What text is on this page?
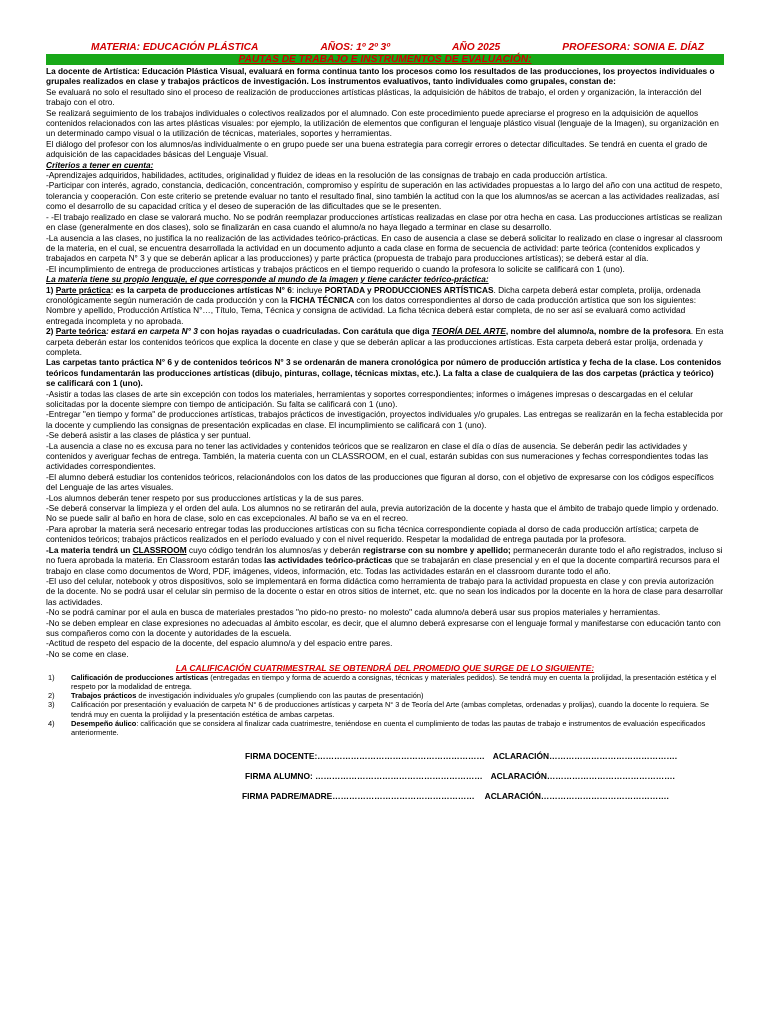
MATERIA: EDUCACIÓN PLÁSTICA	AÑOS: 1º 2º 3º	AÑO 2025	PROFESORA: SONIA E. DÍAZ
PAUTAS DE TRABAJO E INSTRUMENTOS DE EVALUACIÓN:

La docente de Artística: Educación Plástica Visual, evaluará en forma continua tanto los procesos como los resultados de las producciones, los proyectos individuales o grupales realizados en clase y trabajos prácticos de investigación. Los instrumentos evaluativos, tanto individuales como grupales, constan de:

Se evaluará no solo el resultado sino el proceso de realización de producciones artísticas plásticas, la adquisición de hábitos de trabajo, el orden y organización, la interacción del trabajo con el otro.

Se realizará seguimiento de los trabajos individuales o colectivos realizados por el alumnado. Con este procedimiento puede apreciarse el progreso en la adquisición de aquellos contenidos relacionados con las artes plásticas visuales: por ejemplo, la utilización de elementos que configuran el lenguaje plástico visual (lenguaje de la Imagen), su organización en un determinado campo visual o la utilización de técnicas, materiales, soportes y herramientas.

El diálogo del profesor con los alumnos/as individualmente o en grupo puede ser una buena estrategia para corregir errores o detectar dificultades. Se tendrá en cuenta el grado de adquisición de las capacidades básicas del Lenguaje Visual.

Criterios a tener en cuenta:

-Aprendizajes adquiridos, habilidades, actitudes, originalidad y fluidez de ideas en la resolución de las consignas de trabajo en cada producción artística.

-Participar con interés, agrado, constancia, dedicación, concentración, compromiso y espíritu de superación en las actividades propuestas a lo largo del año con una actitud de respeto, tolerancia y cooperación. Con este criterio se pretende evaluar no tanto el resultado final, sino también la actitud con la que los alumnos/as se acercan a las actividades realizadas, así como el desarrollo de su capacidad crítica y el deseo de superación de las dificultades que se le presenten.

- -El trabajo realizado en clase se valorará mucho. No se podrán reemplazar producciones artísticas realizadas en clase por otra hecha en casa. Las producciones artísticas se realizan en clase (generalmente en dos clases), solo se finalizarán en casa cuando el alumno/a no haya llegado a terminar en clase su desarrollo.

-La ausencia a las clases, no justifica la no realización de las actividades teórico-prácticas. En caso de ausencia a clase se deberá solicitar lo realizado en clase o ingresar al classroom de la materia, en el cual, se encuentra desarrollada la actividad en un documento adjunto a cada clase en forma de secuencia de actividad: parte teórica (contenidos explicados y trabajados en carpeta N° 3 y que se deberán aplicar a las producciones) y parte práctica (propuesta de trabajo para producciones artísticas); se deberá estar al día.

-El incumplimiento de entrega de producciones artísticas y trabajos prácticos en el tiempo requerido o cuando la profesora lo solicite se calificará con 1 (uno).

La materia tiene su propio lenguaje, el que corresponde al mundo de la imagen y tiene carácter teórico-práctica:

1) Parte práctica: es la carpeta de producciones artísticas N° 6: incluye PORTADA y PRODUCCIONES ARTÍSTICAS. Dicha carpeta deberá estar completa, prolija, ordenada cronológicamente según numeración de cada producción y con la FICHA TÉCNICA con los datos correspondientes al dorso de cada producción artística que son los siguientes: Nombre y apellido, Producción Artística N°…, Título, Tema, Técnica y consigna de actividad. La ficha técnica deberá estar completa, de no ser así se evaluará como actividad entregada incompleta y no aprobada.

2) Parte teórica: estará en carpeta N° 3 con hojas rayadas o cuadriculadas. Con carátula que diga TEORÍA DEL ARTE, nombre del alumno/a, nombre de la profesora. En esta carpeta deberán estar los contenidos teóricos que explica la docente en clase y que se deberán aplicar a las producciones artísticas. Esta carpeta deberá estar prolija, ordenada y completa.

Las carpetas tanto práctica N° 6 y de contenidos teóricos N° 3 se ordenarán de manera cronológica por número de producción artística y fecha de la clase. Los contenidos teóricos fundamentarán las producciones artísticas (dibujo, pinturas, collage, técnicas mixtas, etc.). La falta a clase de cualquiera de las dos carpetas (práctica y teórico) se calificará con 1 (uno).

-Asistir a todas las clases de arte sin excepción con todos los materiales, herramientas y soportes correspondientes; informes o imágenes impresas o descargadas en el celular solicitadas por la docente siempre con tiempo de anticipación. Su falta se calificará con 1 (uno).

-Entregar "en tiempo y forma" de producciones artísticas, trabajos prácticos de investigación, proyectos individuales y/o grupales. Las entregas se realizarán en la fecha establecida por la docente y cumpliendo las consignas de presentación explicadas en clase. El incumplimiento se calificará con 1 (uno).

-Se deberá asistir a las clases de plástica y ser puntual.

-La ausencia a clase no es excusa para no tener las actividades y contenidos teóricos que se realizaron en clase el día o días de ausencia. Se deberán pedir las actividades y contenidos y averiguar fechas de entrega. También, la materia cuenta con un CLASSROOM, en el cual, estarán subidas con sus numeraciones y fechas correspondientes todas las actividades correspondientes.

-El alumno deberá estudiar los contenidos teóricos, relacionándolos con los datos de las producciones que figuran al dorso, con el objetivo de expresarse con los códigos específicos del Lenguaje de las artes visuales.

-Los alumnos deberán tener respeto por sus producciones artísticas y la de sus pares.

-Se deberá conservar la limpieza y el orden del aula. Los alumnos no se retirarán del aula, previa autorización de la docente y hasta que el ámbito de trabajo quede limpio y ordenado. No se puede salir al baño en hora de clase, solo en cas excepcionales. Al baño se va en el recreo.

-Para aprobar la materia será necesario entregar todas las producciones artísticas con su ficha técnica correspondiente copiada al dorso de cada producción artística; carpeta de contenidos teóricos; trabajos prácticos realizados en el período evaluado y con el nivel requerido. Respetar la modalidad de entrega pautada por la profesora.

-La materia tendrá un CLASSROOM cuyo código tendrán los alumnos/as y deberán registrarse con su nombre y apellido; permanecerán durante todo el año registrados, incluso si no fuera aprobada la materia. En Classroom estarán todas las actividades teórico-prácticas que se trabajarán en clase presencial y en el que la docente compartirá recursos para el trabajo en clase como documentos de Word, PDF, imágenes, videos, información, etc. Todas las actividades estarán en el classroom durante todo el año.

-El uso del celular, notebook y otros dispositivos, solo se implementará en forma didáctica como herramienta de trabajo para la actividad propuesta en clase y con previa autorización de la docente. No se podrá usar el celular sin permiso de la docente o estar en otros sitios de internet, etc. que no sean los indicados por la docente en la hora de clase para desarrollar las actividades.

-No se podrá caminar por el aula en busca de materiales prestados "no pido-no presto- no molesto" cada alumno/a deberá usar sus propios materiales y herramientas.

-No se deben emplear en clase expresiones no adecuadas al ámbito escolar, es decir, que el alumno deberá expresarse con el lenguaje formal y manifestarse con educación tanto con sus compañeros como con la docente y autoridades de la escuela.

-Actitud de respeto del espacio de la docente, del espacio alumno/a y del espacio entre pares.

-No se come en clase.

LA CALIFICACIÓN CUATRIMESTRAL SE OBTENDRÁ DEL PROMEDIO QUE SURGE DE LO SIGUIENTE:
1)	Calificación de producciones artísticas (entregadas en tiempo y forma de acuerdo a consignas, técnicas y materiales pedidos). Se tendrá muy en cuenta la prolijidad, la presentación estética y el respeto por la modalidad de entrega.
2)	Trabajos prácticos de investigación individuales y/o grupales (cumpliendo con las pautas de presentación)
3)	Calificación por presentación y evaluación de carpeta N° 6 de producciones artísticas y carpeta N° 3 de Teoría del Arte (ambas completas, ordenadas y prolijas), cuando la docente lo requiera. Se tendrá muy en cuenta la prolijidad y la presentación estética de ambas carpetas.
4)	Desempeño áulico: calificación que se considera al finalizar cada cuatrimestre, teniéndose en cuenta el cumplimiento de todas las pautas de trabajo e instrumentos de evaluación especificados anteriormente.
FIRMA DOCENTE:…………………………………………………… ACLARACIÓN……………………………………….
FIRMA ALUMNO: …………………………………………………… ACLARACIÓN……………………………………….
FIRMA PADRE/MADRE…………………………………………… ACLARACIÓN……………………………………….
